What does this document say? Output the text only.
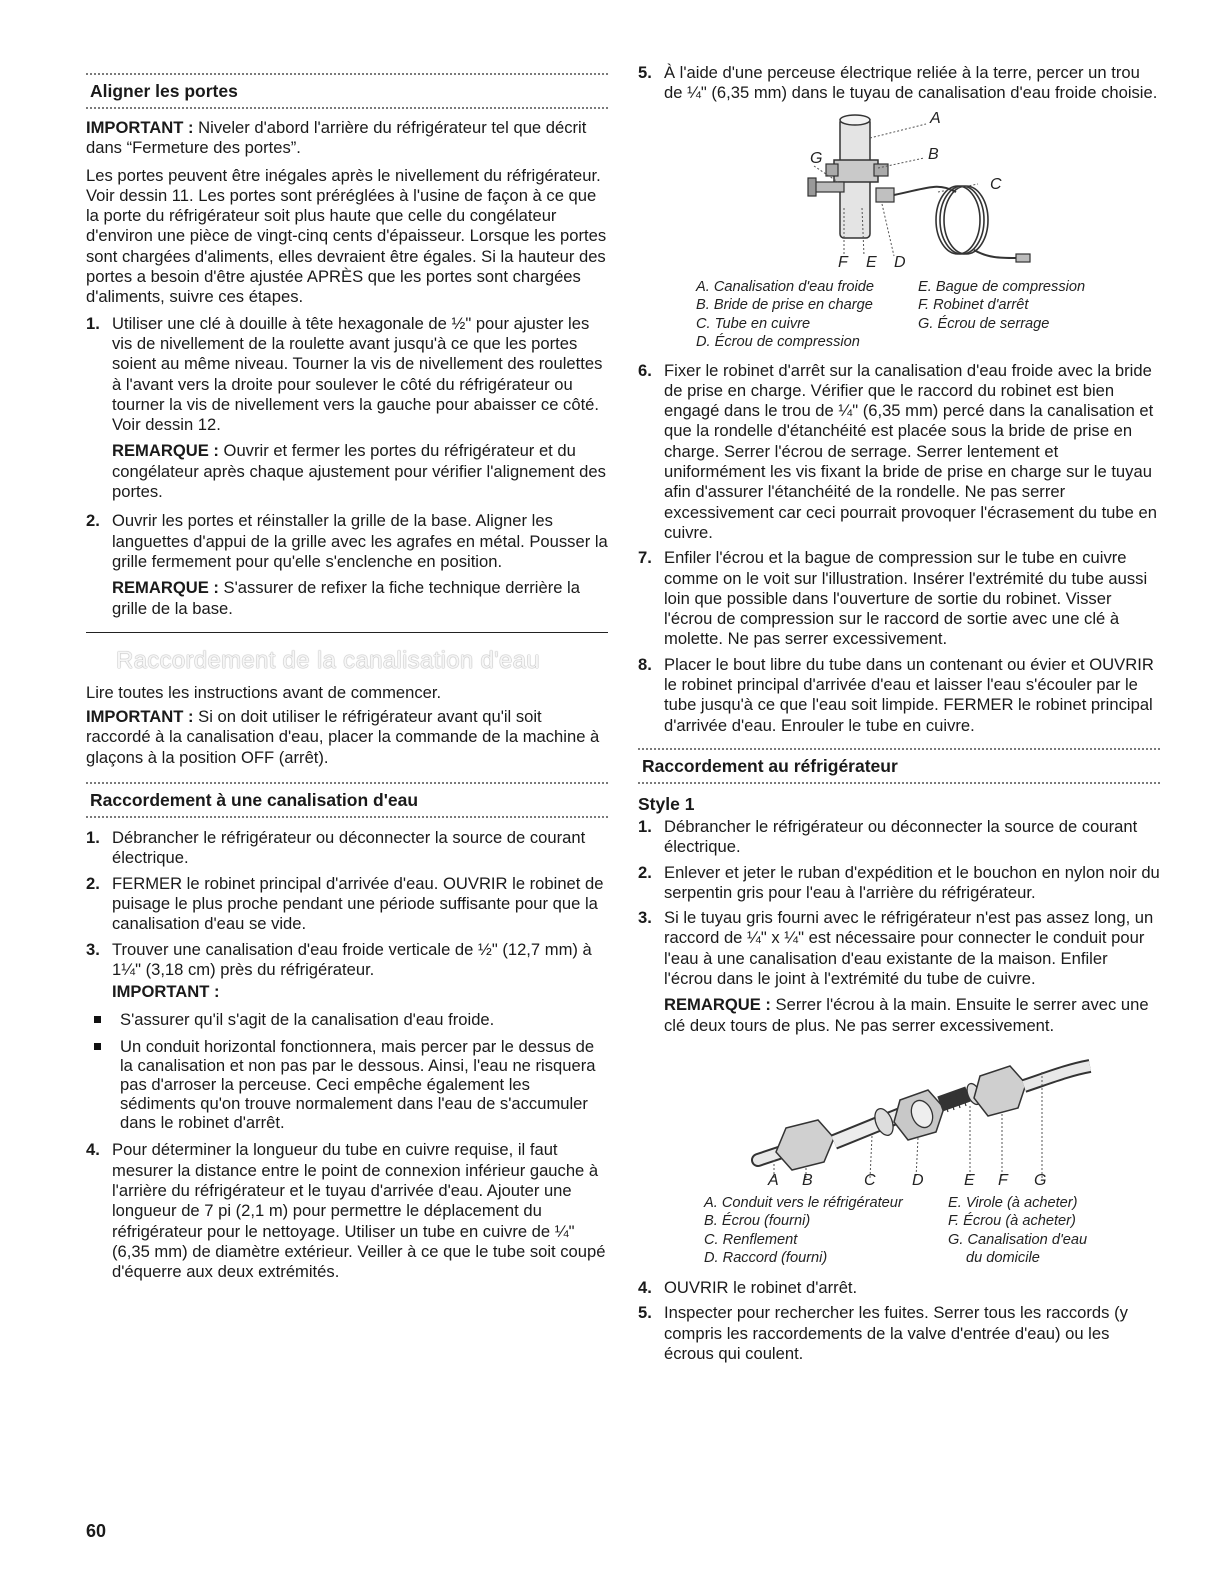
Aligner les portes

IMPORTANT : Niveler d'abord l'arrière du réfrigérateur tel que décrit dans “Fermeture des portes”.

Les portes peuvent être inégales après le nivellement du réfrigérateur. Voir dessin 11. Les portes sont préréglées à l'usine de façon à ce que la porte du réfrigérateur soit plus haute que celle du congélateur d'environ une pièce de vingt-cinq cents d'épaisseur. Lorsque les portes sont chargées d'aliments, elles devraient être égales. Si la hauteur des portes a besoin d'être ajustée APRÈS que les portes sont chargées d'aliments, suivre ces étapes.

1. Utiliser une clé à douille à tête hexagonale de ½" pour ajuster les vis de nivellement de la roulette avant jusqu'à ce que les portes soient au même niveau. Tourner la vis de nivellement des roulettes à l'avant vers la droite pour soulever le côté du réfrigérateur ou tourner la vis de nivellement vers la gauche pour abaisser ce côté. Voir dessin 12.
REMARQUE : Ouvrir et fermer les portes du réfrigérateur et du congélateur après chaque ajustement pour vérifier l'alignement des portes.
2. Ouvrir les portes et réinstaller la grille de la base. Aligner les languettes d'appui de la grille avec les agrafes en métal. Pousser la grille fermement pour qu'elle s'enclenche en position.
REMARQUE : S'assurer de refixer la fiche technique derrière la grille de la base.
Raccordement de la canalisation d'eau

Lire toutes les instructions avant de commencer.

IMPORTANT : Si on doit utiliser le réfrigérateur avant qu'il soit raccordé à la canalisation d'eau, placer la commande de la machine à glaçons à la position OFF (arrêt).

Raccordement à une canalisation d'eau
1. Débrancher le réfrigérateur ou déconnecter la source de courant électrique.
2. FERMER le robinet principal d'arrivée d'eau. OUVRIR le robinet de puisage le plus proche pendant une période suffisante pour que la canalisation d'eau se vide.
3. Trouver une canalisation d'eau froide verticale de ½" (12,7 mm) à 1¼" (3,18 cm) près du réfrigérateur.
IMPORTANT :
S'assurer qu'il s'agit de la canalisation d'eau froide.
Un conduit horizontal fonctionnera, mais percer par le dessus de la canalisation et non pas par le dessous. Ainsi, l'eau ne risquera pas d'arroser la perceuse. Ceci empêche également les sédiments qu'on trouve normalement dans l'eau de s'accumuler dans le robinet d'arrêt.
4. Pour déterminer la longueur du tube en cuivre requise, il faut mesurer la distance entre le point de connexion inférieur gauche à l'arrière du réfrigérateur et le tuyau d'arrivée d'eau. Ajouter une longueur de 7 pi (2,1 m) pour permettre le déplacement du réfrigérateur pour le nettoyage. Utiliser un tube en cuivre de ¼" (6,35 mm) de diamètre extérieur. Veiller à ce que le tube soit coupé d'équerre aux deux extrémités.
5. À l'aide d'une perceuse électrique reliée à la terre, percer un trou de ¼" (6,35 mm) dans le tuyau de canalisation d'eau froide choisie.
A
B
C
G
F E D
A. Canalisation d'eau froide
B. Bride de prise en charge
C. Tube en cuivre
D. Écrou de compression
E. Bague de compression
F. Robinet d'arrêt
G. Écrou de serrage
6. Fixer le robinet d'arrêt sur la canalisation d'eau froide avec la bride de prise en charge. Vérifier que le raccord du robinet est bien engagé dans le trou de ¼" (6,35 mm) percé dans la canalisation et que la rondelle d'étanchéité est placée sous la bride de prise en charge. Serrer l'écrou de serrage. Serrer lentement et uniformément les vis fixant la bride de prise en charge sur le tuyau afin d'assurer l'étanchéité de la rondelle. Ne pas serrer excessivement car ceci pourrait provoquer l'écrasement du tube en cuivre.
7. Enfiler l'écrou et la bague de compression sur le tube en cuivre comme on le voit sur l'illustration. Insérer l'extrémité du tube aussi loin que possible dans l'ouverture de sortie du robinet. Visser l'écrou de compression sur le raccord de sortie avec une clé à molette. Ne pas serrer excessivement.
8. Placer le bout libre du tube dans un contenant ou évier et OUVRIR le robinet principal d'arrivée d'eau et laisser l'eau s'écouler par le tube jusqu'à ce que l'eau soit limpide. FERMER le robinet principal d'arrivée d'eau. Enrouler le tube en cuivre.
Raccordement au réfrigérateur
Style 1
1. Débrancher le réfrigérateur ou déconnecter la source de courant électrique.
2. Enlever et jeter le ruban d'expédition et le bouchon en nylon noir du serpentin gris pour l'eau à l'arrière du réfrigérateur.
3. Si le tuyau gris fourni avec le réfrigérateur n'est pas assez long, un raccord de ¼" x ¼" est nécessaire pour connecter le conduit pour l'eau à une canalisation d'eau existante de la maison. Enfiler l'écrou dans le joint à l'extrémité du tube de cuivre.
REMARQUE : Serrer l'écrou à la main. Ensuite le serrer avec une clé deux tours de plus. Ne pas serrer excessivement.
A B	C D	E F G
A. Conduit vers le réfrigérateur
B. Écrou (fourni)
C. Renflement
D. Raccord (fourni)
E. Virole (à acheter)
F. Écrou (à acheter)
G. Canalisation d'eau
du domicile
4. OUVRIR le robinet d'arrêt.
5. Inspecter pour rechercher les fuites. Serrer tous les raccords (y compris les raccordements de la valve d'entrée d'eau) ou les écrous qui coulent.
60
